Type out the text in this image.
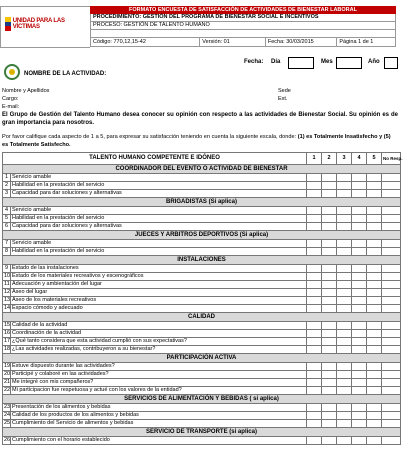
UNIDAD PARA LAS VÍCTIMAS
FORMATO ENCUESTA DE SATISFACCIÓN DE ACTIVIDADES DE BIENESTAR LABORAL
PROCEDIMIENTO: GESTIÓN DEL PROGRAMA DE BIENESTAR SOCIAL E INCENTIVOS
PROCESO: GESTIÓN DE TALENTO HUMANO
Código: 770,12,15-42	Versión: 01	Fecha: 30/03/2015	Página 1 de 1
Fecha: Día	Mes	Año
NOMBRE DE LA ACTIVIDAD:
Nombre y Apellidos
Cargo:
E-mail:
Sede
Ext.
El Grupo de Gestión del Talento Humano desea conocer su opinión con respecto a las actividades de Bienestar Social. Su opinión es de gran importancia para nosotros.
Por favor califique cada aspecto de 1 a 5, para expresar su satisfacción teniendo en cuenta la siguiente escala, donde: (1) es Totalmente Insatisfecho y (5) es Totalmente Satisfecho.
TALENTO HUMANO COMPETENTE E IDÓNEO		1	2	3	4	5	No Resp.
COORDINADOR DEL EVENTO O ACTIVIDAD DE BIENESTAR							
1	Servicio amable						
2	Habilidad en la prestación del servicio						
3	Capacidad para dar soluciones y alternativas						
BRIGADISTAS (Si aplica)							
4	Servicio amable						
5	Habilidad en la prestación del servicio						
6	Capacidad para dar soluciones y alternativas						
JUECES Y ARBITROS DEPORTIVOS (Si aplica)							
7	Servicio amable						
8	Habilidad en la prestación del servicio						
INSTALACIONES							
9	Estado de las instalaciones						
10	Estado de los materiales recreativos y escenográficos						
11	Adecuación y ambientación del lugar						
12	Aseo del lugar						
13	Aseo de los materiales recreativos						
14	Espacio cómodo y adecuado						
CALIDAD							
15	Calidad de la actividad						
16	Coordinación de la actividad						
17	¿Qué tanto considera que esta actividad cumplió con sus expectativas?						
18	¿Las actividades realizadas, contribuyeron a su bienestar?						
PARTICIPACIÓN ACTIVA							
19	Estuve dispuesto durante las actividades?						
20	Participé y colaboré en las actividades?						
21	Me integré con mis compañeros?						
22	Mi participacion fue respetuosa y actué con los valores de la entidad?						
SERVICIOS DE ALIMENTACIÓN Y BEBIDAS ( si aplica)							
23	Presentación de los alimentos y bebidas						
24	Calidad de los productos de los alimentos y bebidas						
25	Cumplimiento del Servicio de alimentos y bebidas						
SERVICIO DE TRANSPORTE (si aplica)							
26	Cumplimiento con el horario establecido						
